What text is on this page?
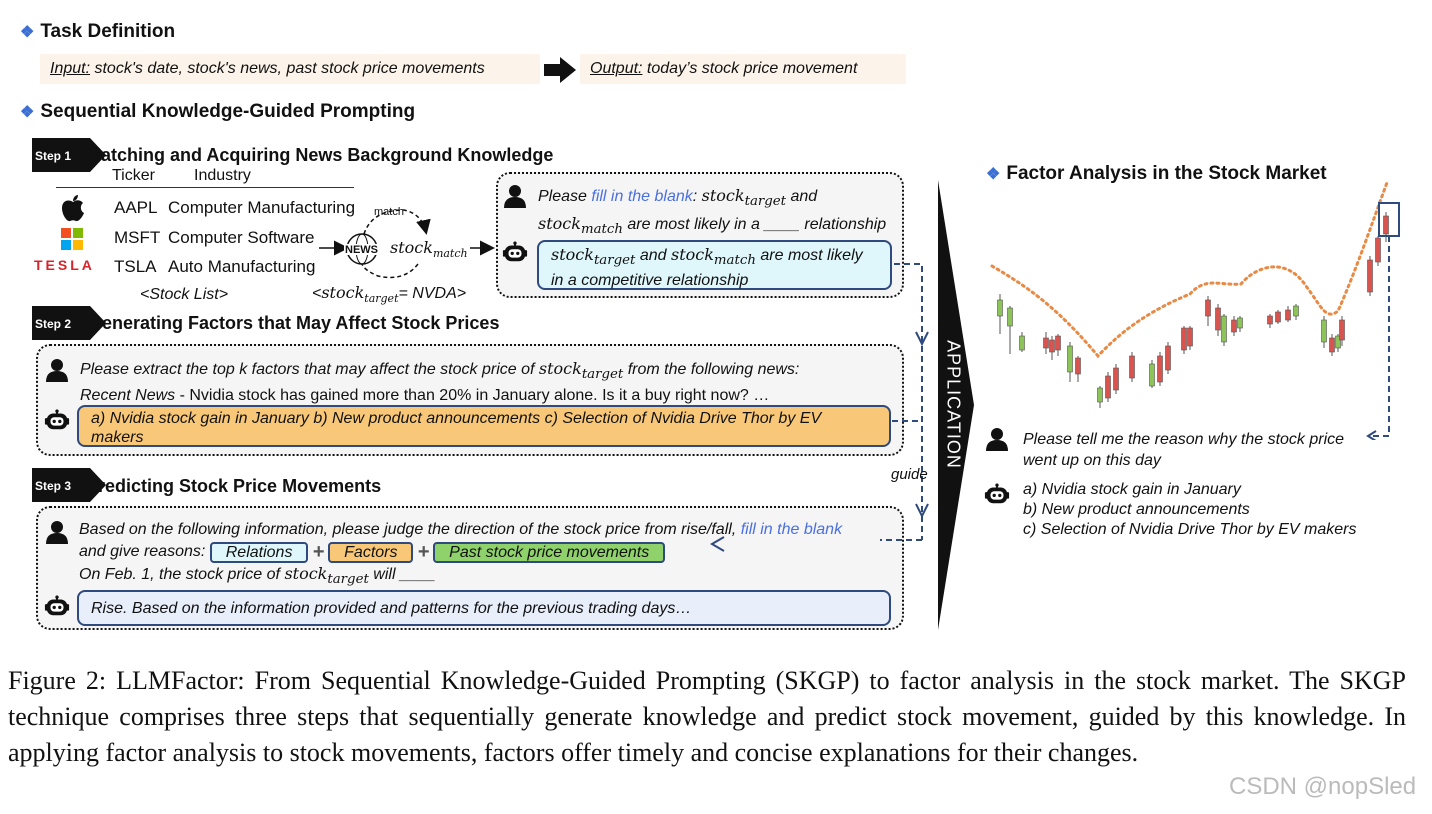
❖ Task Definition
Input: stock's date, stock's news, past stock price movements	Output: today’s stock price movement
❖ Sequential Knowledge-Guided Prompting
Step 1 Matching and Acquiring News Background Knowledge
Ticker Industry
AAPL Computer Manufacturing
MSFT Computer Software
TESLA TSLA Auto Manufacturing
<Stock List>
NEWS
match
stock$_{match}$
<stock$_{target}$= NVDA>
Please fill in the blank: stock$_{target}$ and
stock$_{match}$ are most likely in a ____ relationship
stock$_{target}$ and stock$_{match}$ are most likely
in a competitive relationship
Step 2 Generating Factors that May Affect Stock Prices
Please extract the top k factors that may affect the stock price of stock$_{target}$ from the following news:
Recent News - Nvidia stock has gained more than 20% in January alone. Is it a buy right now? …
a) Nvidia stock gain in January b) New product announcements c) Selection of Nvidia Drive Thor by EV
makers
Step 3 Predicting Stock Price Movements
Based on the following information, please judge the direction of the stock price from rise/fall, fill in the blank
and give reasons: Relations + Factors + Past stock price movements
On Feb. 1, the stock price of stock$_{target}$ will ____
Rise. Based on the information provided and patterns for the previous trading days…
guide
APPLICATION
❖ Factor Analysis in the Stock Market
Please tell me the reason why the stock price
went up on this day
a) Nvidia stock gain in January
b) New product announcements
c) Selection of Nvidia Drive Thor by EV makers
Figure 2: LLMFactor: From Sequential Knowledge-Guided Prompting (SKGP) to factor analysis in the stock market. The SKGP technique comprises three steps that sequentially generate knowledge and predict stock movement, guided by this knowledge. In applying factor analysis to stock movements, factors offer timely and concise explanations for their changes.
CSDN @nopSled
